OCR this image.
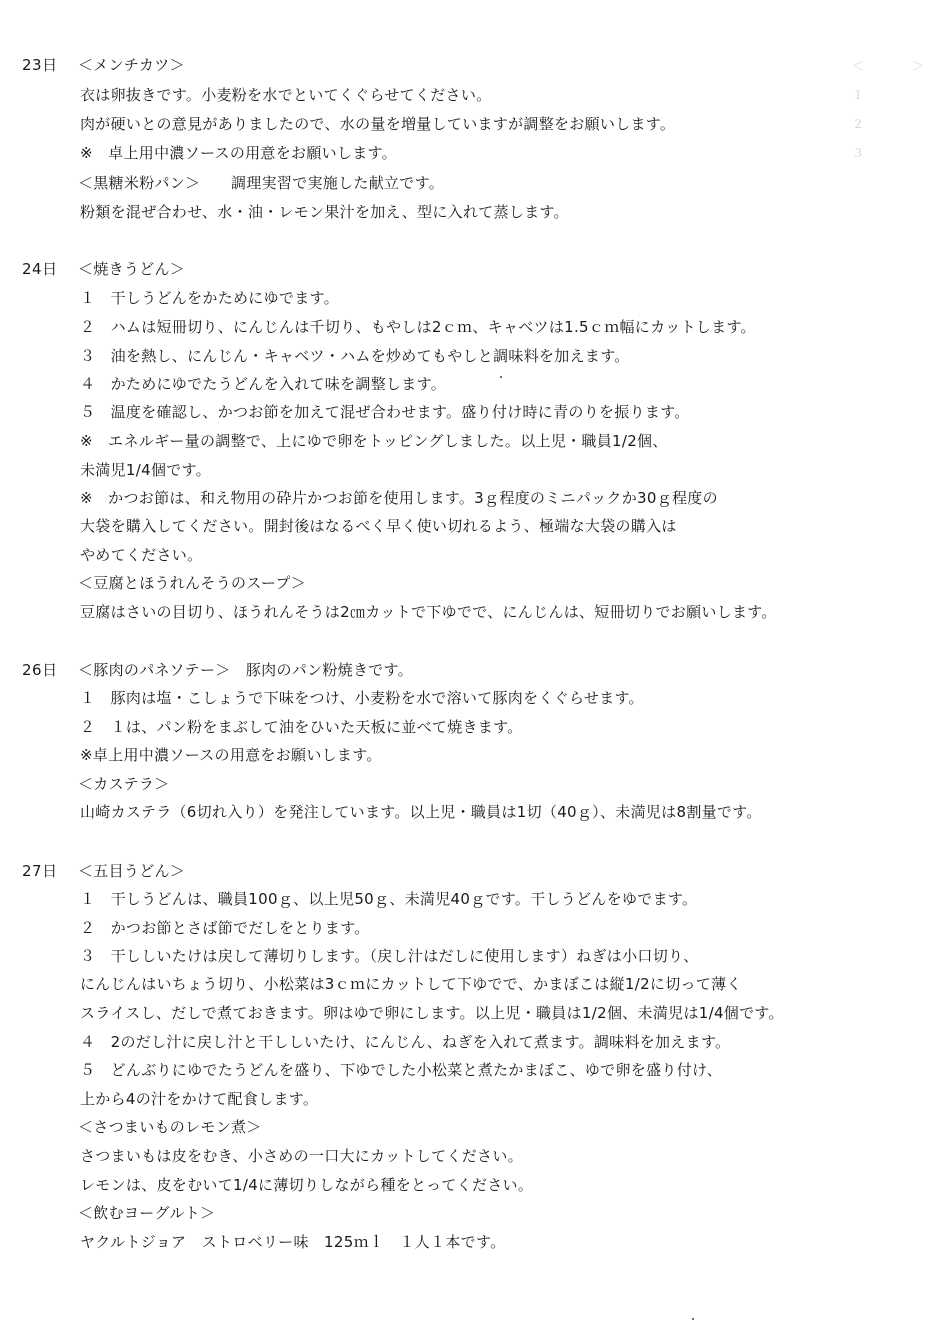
＜　　　　＞
１　　　　　　
２　　　　　
３　　　　　　

23日 ＜メンチカツ＞
衣は卵抜きです。小麦粉を水でといてくぐらせてください。
肉が硬いとの意見がありましたので、水の量を増量していますが調整をお願いします。
※　卓上用中濃ソースの用意をお願いします。
＜黒糖米粉パン＞　　調理実習で実施した献立です。
粉類を混ぜ合わせ、水・油・レモン果汁を加え、型に入れて蒸します。
24日 ＜焼きうどん＞
１　干しうどんをかためにゆでます。
２　ハムは短冊切り、にんじんは千切り、もやしは2ｃｍ、キャベツは1.5ｃｍ幅にカットします。
３　油を熱し、にんじん・キャベツ・ハムを炒めてもやしと調味料を加えます。
４　かためにゆでたうどんを入れて味を調整します。
５　温度を確認し、かつお節を加えて混ぜ合わせます。盛り付け時に青のりを振ります。
※　エネルギー量の調整で、上にゆで卵をトッピングしました。以上児・職員1/2個、
未満児1/4個です。
※　かつお節は、和え物用の砕片かつお節を使用します。3ｇ程度のミニパックか30ｇ程度の
大袋を購入してください。開封後はなるべく早く使い切れるよう、極端な大袋の購入は
やめてください。
＜豆腐とほうれんそうのスープ＞
豆腐はさいの目切り、ほうれんそうは2㎝カットで下ゆでで、にんじんは、短冊切りでお願いします。
26日 ＜豚肉のパネソテー＞　豚肉のパン粉焼きです。
１　豚肉は塩・こしょうで下味をつけ、小麦粉を水で溶いて豚肉をくぐらせます。
２　１は、パン粉をまぶして油をひいた天板に並べて焼きます。
※卓上用中濃ソースの用意をお願いします。
＜カステラ＞
山崎カステラ（6切れ入り）を発注しています。以上児・職員は1切（40ｇ）、未満児は8割量です。
27日 ＜五目うどん＞
１　干しうどんは、職員100ｇ、以上児50ｇ、未満児40ｇです。干しうどんをゆでます。
２　かつお節とさば節でだしをとります。
３　干ししいたけは戻して薄切りします。（戻し汁はだしに使用します）ねぎは小口切り、
にんじんはいちょう切り、小松菜は3ｃｍにカットして下ゆでで、かまぼこは縦1/2に切って薄く
スライスし、だしで煮ておきます。卵はゆで卵にします。以上児・職員は1/2個、未満児は1/4個です。
４　2のだし汁に戻し汁と干ししいたけ、にんじん、ねぎを入れて煮ます。調味料を加えます。
５　どんぶりにゆでたうどんを盛り、下ゆでした小松菜と煮たかまぼこ、ゆで卵を盛り付け、
上から4の汁をかけて配食します。
＜さつまいものレモン煮＞
さつまいもは皮をむき、小さめの一口大にカットしてください。
レモンは、皮をむいて1/4に薄切りしながら種をとってください。
＜飲むヨーグルト＞
ヤクルトジョア　ストロベリー味　125ｍｌ　１人１本です。
